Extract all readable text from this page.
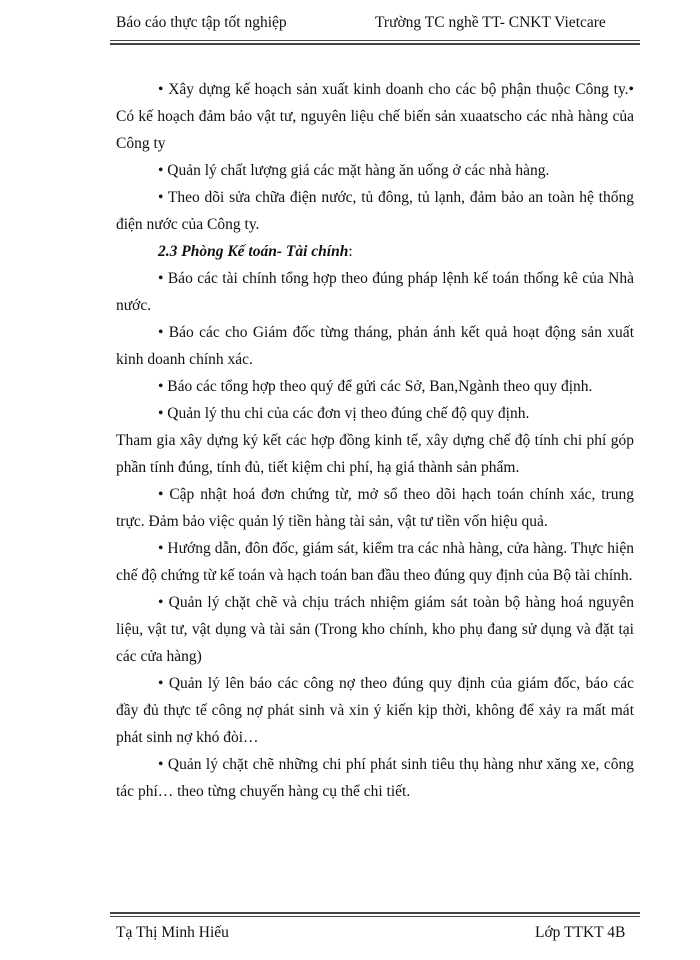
Báo cáo thực tập tốt nghiệp	Trường TC nghề TT- CNKT Vietcare

• Xây dựng kế hoạch sản xuất kinh doanh cho các bộ phận thuộc Công ty.• Có kế hoạch đảm bảo vật tư, nguyên liệu chế biến sản xuaatscho các nhà hàng của Công ty

• Quản lý chất lượng giá các mặt hàng ăn uống ở các nhà hàng.

• Theo dõi sửa chữa điện nước, tủ đông, tủ lạnh, đảm bảo an toàn hệ thống điện nước của Công ty.

2.3 Phòng Kế toán- Tài chính:

• Báo các tài chính tổng hợp theo đúng pháp lệnh kế toán thống kê của Nhà nước.

• Báo các cho Giám đốc từng tháng, phản ánh kết quả hoạt động sản xuất kinh doanh chính xác.

• Báo các tổng hợp theo quý để gửi các Sở, Ban,Ngành theo quy định.

• Quản lý thu chi của các đơn vị theo đúng chế độ quy định.

Tham gia xây dựng ký kết các hợp đồng kinh tế, xây dựng chế độ tính chi phí góp phần tính đúng, tính đủ, tiết kiệm chi phí, hạ giá thành sản phẩm.

• Cập nhật hoá đơn chứng từ, mở sổ theo dõi hạch toán chính xác, trung trực. Đảm bảo việc quản lý tiền hàng tài sản, vật tư tiền vốn hiệu quả.

• Hướng dẫn, đôn đốc, giám sát, kiểm tra các nhà hàng, cửa hàng. Thực hiện chế độ chứng từ kế toán và hạch toán ban đầu theo đúng quy định của Bộ tài chính.

• Quản lý chặt chẽ và chịu trách nhiệm giám sát toàn bộ hàng hoá nguyên liệu, vật tư, vật dụng và tài sản (Trong kho chính, kho phụ đang sử dụng và đặt tại các cửa hàng)

• Quản lý lên báo các công nợ theo đúng quy định của giám đốc, báo các đầy đủ thực tế công nợ phát sinh và xin ý kiến kịp thời, không để xảy ra mất mát phát sinh nợ khó đòi…

• Quản lý chặt chẽ những chi phí phát sinh tiêu thụ hàng như xăng xe, công tác phí… theo từng chuyến hàng cụ thể chi tiết.

Tạ Thị Minh Hiếu	Lớp TTKT 4B
